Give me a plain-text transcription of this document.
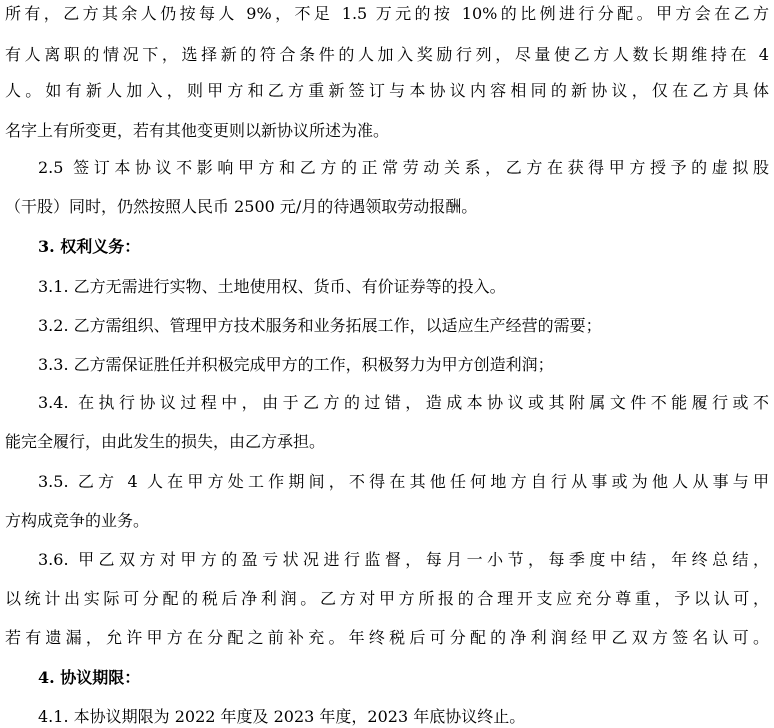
所有，乙方其余人仍按每人 9%，不足 1.5 万元的按 10%的比例进行分配。甲方会在乙方
有人离职的情况下，选择新的符合条件的人加入奖励行列，尽量使乙方人数长期维持在 4
人。如有新人加入，则甲方和乙方重新签订与本协议内容相同的新协议，仅在乙方具体
名字上有所变更，若有其他变更则以新协议所述为准。
2.5 签订本协议不影响甲方和乙方的正常劳动关系，乙方在获得甲方授予的虚拟股
（干股）同时，仍然按照人民币 2500 元/月的待遇领取劳动报酬。
3. 权利义务：
3.1. 乙方无需进行实物、土地使用权、货币、有价证券等的投入。
3.2. 乙方需组织、管理甲方技术服务和业务拓展工作，以适应生产经营的需要；
3.3. 乙方需保证胜任并积极完成甲方的工作，积极努力为甲方创造利润；
3.4. 在执行协议过程中，由于乙方的过错，造成本协议或其附属文件不能履行或不
能完全履行，由此发生的损失，由乙方承担。
3.5. 乙方 4 人在甲方处工作期间，不得在其他任何地方自行从事或为他人从事与甲
方构成竞争的业务。
3.6. 甲乙双方对甲方的盈亏状况进行监督，每月一小节，每季度中结，年终总结，
以统计出实际可分配的税后净利润。乙方对甲方所报的合理开支应充分尊重，予以认可，
若有遗漏，允许甲方在分配之前补充。年终税后可分配的净利润经甲乙双方签名认可。
4. 协议期限：
4.1. 本协议期限为 2022 年度及 2023 年度，2023 年底协议终止。
